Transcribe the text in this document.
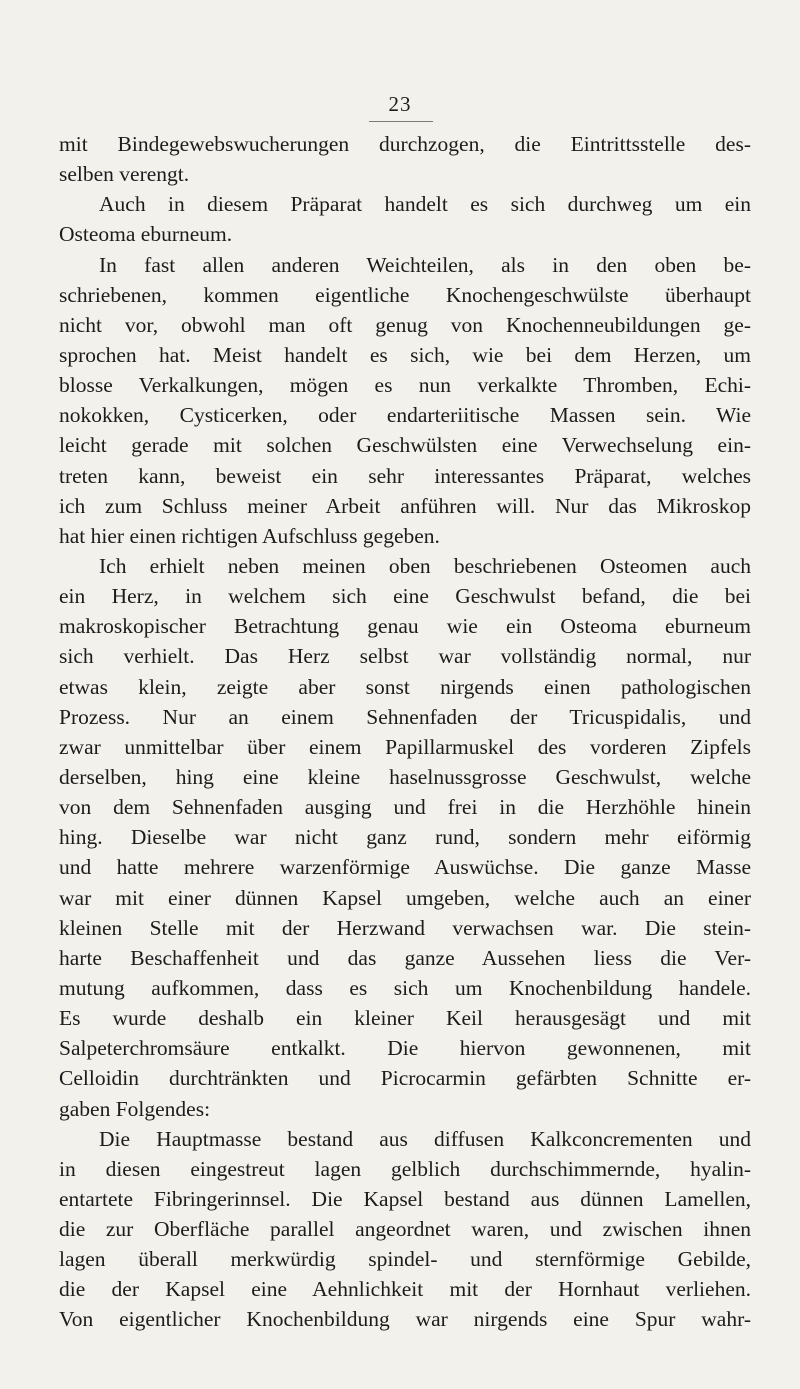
23
mit Bindegewebswucherungen durchzogen, die Eintrittsstelle des-
selben verengt.
Auch in diesem Präparat handelt es sich durchweg um ein
Osteoma eburneum.
In fast allen anderen Weichteilen, als in den oben be-
schriebenen, kommen eigentliche Knochengeschwülste überhaupt
nicht vor, obwohl man oft genug von Knochenneubildungen ge-
sprochen hat. Meist handelt es sich, wie bei dem Herzen, um
blosse Verkalkungen, mögen es nun verkalkte Thromben, Echi-
nokokken, Cysticerken, oder endarteriitische Massen sein. Wie
leicht gerade mit solchen Geschwülsten eine Verwechselung ein-
treten kann, beweist ein sehr interessantes Präparat, welches
ich zum Schluss meiner Arbeit anführen will. Nur das Mikroskop
hat hier einen richtigen Aufschluss gegeben.
Ich erhielt neben meinen oben beschriebenen Osteomen auch
ein Herz, in welchem sich eine Geschwulst befand, die bei
makroskopischer Betrachtung genau wie ein Osteoma eburneum
sich verhielt. Das Herz selbst war vollständig normal, nur
etwas klein, zeigte aber sonst nirgends einen pathologischen
Prozess. Nur an einem Sehnenfaden der Tricuspidalis, und
zwar unmittelbar über einem Papillarmuskel des vorderen Zipfels
derselben, hing eine kleine haselnussgrosse Geschwulst, welche
von dem Sehnenfaden ausging und frei in die Herzhöhle hinein
hing. Dieselbe war nicht ganz rund, sondern mehr eiförmig
und hatte mehrere warzenförmige Auswüchse. Die ganze Masse
war mit einer dünnen Kapsel umgeben, welche auch an einer
kleinen Stelle mit der Herzwand verwachsen war. Die stein-
harte Beschaffenheit und das ganze Aussehen liess die Ver-
mutung aufkommen, dass es sich um Knochenbildung handele.
Es wurde deshalb ein kleiner Keil herausgesägt und mit
Salpeterchromsäure entkalkt. Die hiervon gewonnenen, mit
Celloidin durchtränkten und Picrocarmin gefärbten Schnitte er-
gaben Folgendes:
Die Hauptmasse bestand aus diffusen Kalkconcrementen und
in diesen eingestreut lagen gelblich durchschimmernde, hyalin-
entartete Fibringerinnsel. Die Kapsel bestand aus dünnen Lamellen,
die zur Oberfläche parallel angeordnet waren, und zwischen ihnen
lagen überall merkwürdig spindel- und sternförmige Gebilde,
die der Kapsel eine Aehnlichkeit mit der Hornhaut verliehen.
Von eigentlicher Knochenbildung war nirgends eine Spur wahr-
